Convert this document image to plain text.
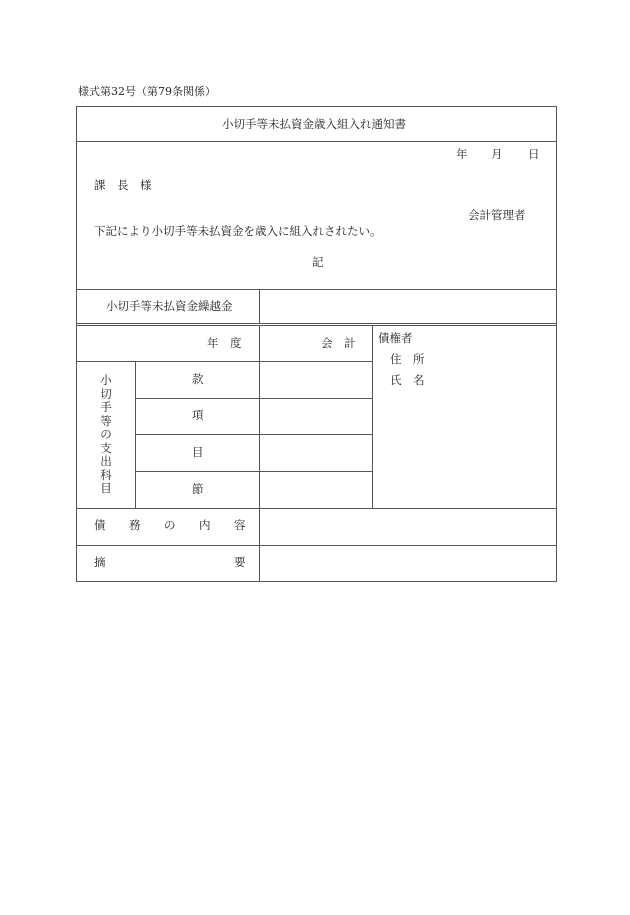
様式第32号（第79条関係）
小切手等未払資金歳入組入れ通知書
年 月 日
課　長　様
会計管理者
下記により小切手等未払資金を歳入に組入れされたい。
記
小切手等未払資金繰越金
年　度	会　計 債権者
住　所
氏　名
小
切
手
等
の
支
出
科
目
款
項
目
節
債 務 の 内 容
摘	要
